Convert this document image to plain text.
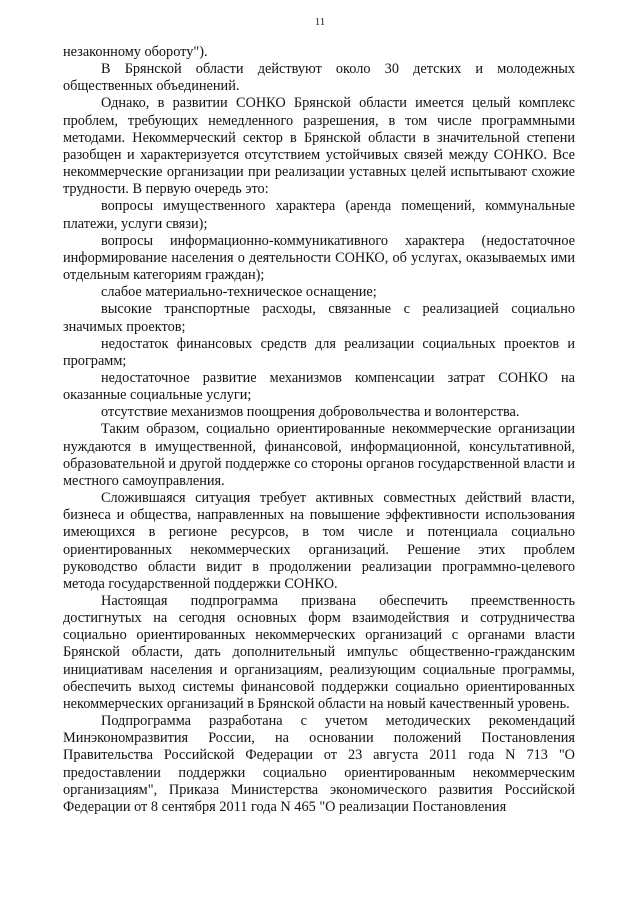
11

незаконному обороту").

В Брянской области действуют около 30 детских и молодежных общественных объединений.

Однако, в развитии СОНКО Брянской области имеется целый комплекс проблем, требующих немедленного разрешения, в том числе программными методами. Некоммерческий сектор в Брянской области в значительной степени разобщен и характеризуется отсутствием устойчивых связей между СОНКО. Все некоммерческие организации при реализации уставных целей испытывают схожие трудности. В первую очередь это:

вопросы имущественного характера (аренда помещений, коммунальные платежи, услуги связи);

вопросы информационно-коммуникативного характера (недостаточное информирование населения о деятельности СОНКО, об услугах, оказываемых ими отдельным категориям граждан);

слабое материально-техническое оснащение;

высокие транспортные расходы, связанные с реализацией социально значимых проектов;

недостаток финансовых средств для реализации социальных проектов и программ;

недостаточное развитие механизмов компенсации затрат СОНКО на оказанные социальные услуги;

отсутствие механизмов поощрения добровольчества и волонтерства.

Таким образом, социально ориентированные некоммерческие организации нуждаются в имущественной, финансовой, информационной, консультативной, образовательной и другой поддержке со стороны органов государственной власти и местного самоуправления.

Сложившаяся ситуация требует активных совместных действий власти, бизнеса и общества, направленных на повышение эффективности использования имеющихся в регионе ресурсов, в том числе и потенциала социально ориентированных некоммерческих организаций. Решение этих проблем руководство области видит в продолжении реализации программно-целевого метода государственной поддержки СОНКО.

Настоящая подпрограмма призвана обеспечить преемственность достигнутых на сегодня основных форм взаимодействия и сотрудничества социально ориентированных некоммерческих организаций с органами власти Брянской области, дать дополнительный импульс общественно-гражданским инициативам населения и организациям, реализующим социальные программы, обеспечить выход системы финансовой поддержки социально ориентированных некоммерческих организаций в Брянской области на новый качественный уровень.

Подпрограмма разработана с учетом методических рекомендаций Минэкономразвития России, на основании положений Постановления Правительства Российской Федерации от 23 августа 2011 года N 713 "О предоставлении поддержки социально ориентированным некоммерческим организациям", Приказа Министерства экономического развития Российской Федерации от 8 сентября 2011 года N 465 "О реализации Постановления
